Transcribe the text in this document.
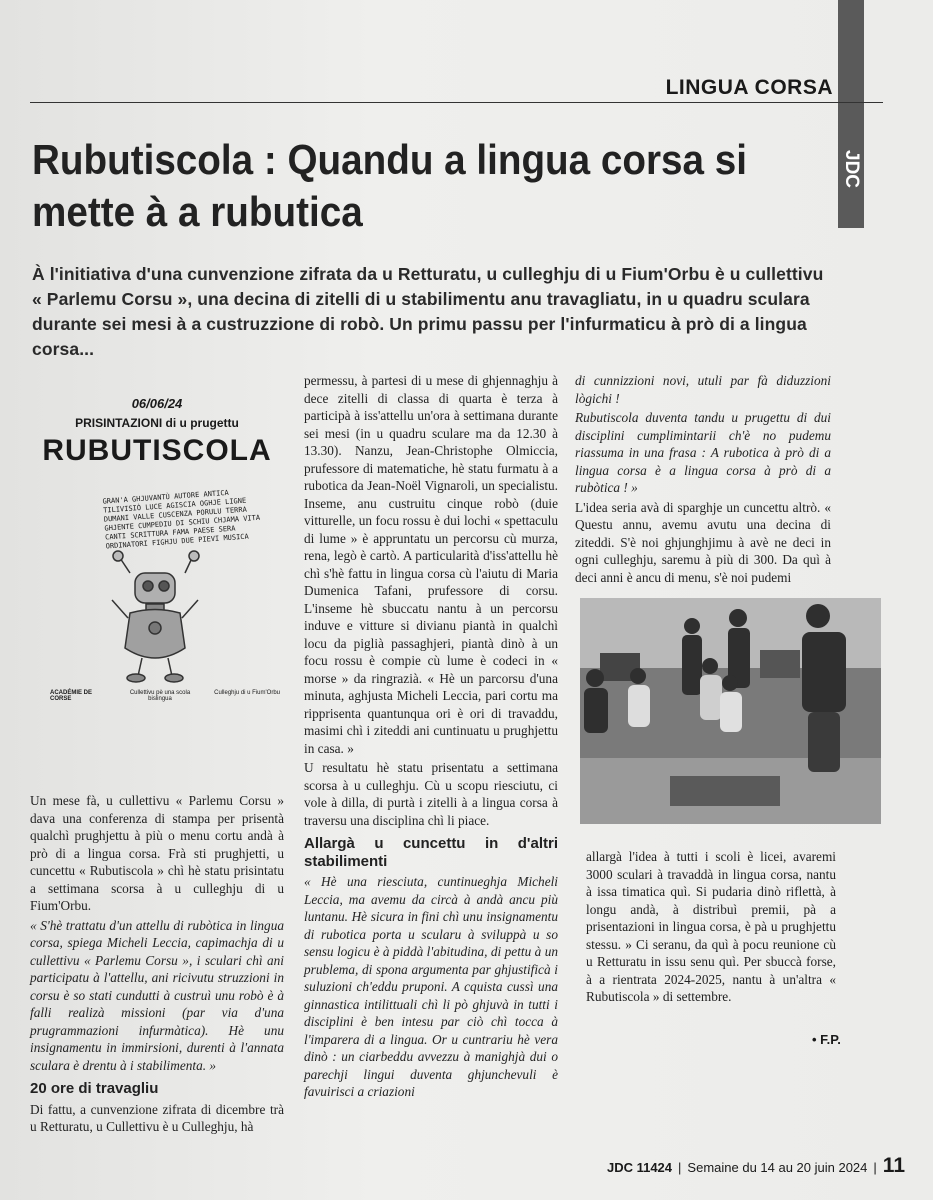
JDC
LINGUA CORSA
Rubutiscola : Quandu a lingua corsa si mette à a rubutica

À l'initiativa d'una cunvenzione zifrata da u Retturatu, u culleghju di u Fium'Orbu è u cullettivu « Parlemu Corsu », una decina di zitelli di u stabilimentu anu travagliatu, in u quadru sculara durante sei mesi à a custruzzione di robò. Un primu passu per l'infurmaticu à prò di a lingua corsa...

06/06/24
PRISINTAZIONI di u prugettu
RUBUTISCOLA
GRAN'A GHJUVANTÙ AUTORE ANTICA TILIVISIÒ LUCE AGISCIA OGHJE LIGNE DUMANI VALLE CUSCENZA PORULU TERRA GHJENTE CUMPEDIU DI SCHIU CHJAMA VITA CANTI SCRITTURA FAMA PAESE SERA ORDINATORI FIGHJU DUE PIEVI MUSICA
ACADÉMIE DE CORSE
Cullettivu pè una scola bislingua
Culleghju di u Fium'Orbu

Un mese fà, u cullettivu « Parlemu Corsu » dava una conferenza di stampa per prisentà qualchì prughjettu à più o menu cortu andà à prò di a lingua corsa. Frà sti prughjetti, u cuncettu « Rubutiscola » chì hè statu prisintatu a settimana scorsa à u culleghju di u Fium'Orbu.

« S'hè trattatu d'un attellu di rubòtica in lingua corsa, spiega Micheli Leccia, capimachja di u cullettivu « Parlemu Corsu », i sculari chì ani participatu à l'attellu, ani ricivutu struzzioni in corsu è so stati cundutti à custruì unu robò è à falli realizà missioni (par via d'una prugrammazioni infurmàtica). Hè unu insignamentu in immirsioni, durenti à l'annata sculara è drentu à i stabilimenta. »

20 ore di travagliu

Di fattu, a cunvenzione zifrata di dicembre trà u Retturatu, u Cullettivu è u Culleghju, hà

permessu, à partesi di u mese di ghjennaghju à dece zitelli di classa di quarta è terza à participà à iss'attellu un'ora à settimana durante sei mesi (in u quadru sculare ma da 12.30 à 13.30). Nanzu, Jean-Christophe Olmiccia, prufessore di matematiche, hè statu furmatu à a rubotica da Jean-Noël Vignaroli, un specialistu. Inseme, anu custruitu cinque robò (duie vitturelle, un focu rossu è dui lochi « spettaculu di lume » è appruntatu un percorsu cù murza, rena, legò è cartò. A particularità d'iss'attellu hè chì s'hè fattu in lingua corsa cù l'aiutu di Maria Dumenica Tafani, prufessore di corsu. L'inseme hè sbuccatu nantu à un percorsu induve e vitture si divianu piantà in qualchì locu da piglià passaghjeri, piantà dinò à un focu rossu è compie cù lume è codeci in « morse » da ringrazià. « Hè un parcorsu d'una minuta, aghjusta Micheli Leccia, pari cortu ma ripprisenta quantunqua ori è ori di travaddu, masimi chì i ziteddi ani cuntinuatu u prughjettu in casa. »

U resultatu hè statu prisentatu a settimana scorsa à u culleghju. Cù u scopu riesciutu, ci vole à dilla, di purtà i zitelli à a lingua corsa à traversu una disciplina chì li piace.

Allargà u cuncettu in d'altri stabilimenti

« Hè una riesciuta, cuntinueghja Micheli Leccia, ma avemu da circà à andà ancu più luntanu. Hè sicura in fini chì unu insignamentu di rubotica porta u scularu à sviluppà u so sensu logicu è à piddà l'abitudina, di pettu à un prublema, di spona argumenta par ghjustificà i suluzioni ch'eddu pruponi. A cquista cussì una ginnastica intilittuali chì li pò ghjuvà in tutti i disciplini è ben intesu par ciò chì tocca à l'imparera di a lingua. Or u cuntrariu hè vera dinò : un ciarbeddu avvezzu à manighjà dui o parechji lingui duventa ghjunchevuli è favuirisci a criazioni

di cunnizzioni novi, utuli par fà diduzzioni lògichi !

Rubutiscola duventa tandu u prugettu di dui disciplini cumplimintarii ch'è no pudemu riassuma in una frasa : A rubotica à prò di a lingua corsa è a lingua corsa à prò di a rubòtica ! »

L'idea seria avà di sparghje un cuncettu altrò. « Questu annu, avemu avutu una decina di ziteddi. S'è noi ghjunghjimu à avè ne deci in ogni culleghju, saremu à più di 300. Da quì à deci anni è ancu di menu, s'è noi pudemi

allargà l'idea à tutti i scoli è licei, avaremi 3000 sculari à travaddà in lingua corsa, nantu à issa timatica quì. Si pudaria dinò riflettà, à longu andà, à distribuì premii, pà a prisentazioni in lingua corsa, è pà u prughjettu stessu. » Ci seranu, da quì à pocu reunione cù u Retturatu in issu senu quì. Per sbuccà forse, à a rientrata 2024-2025, nantu à un'altra « Rubutiscola » di settembre.

• F.P.
JDC 11424 | Semaine du 14 au 20 juin 2024 | 11
